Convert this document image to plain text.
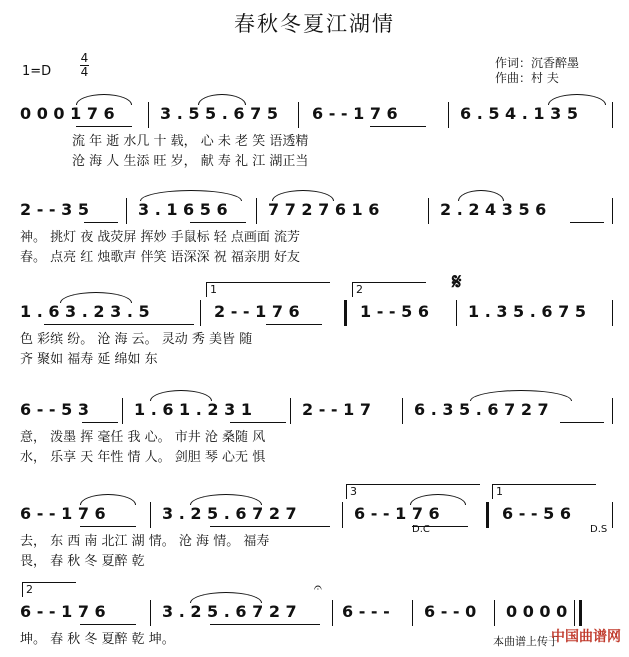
春秋冬夏江湖情
1=D
4
4
作词：沉香醉墨
作曲：村 夫
0 0 0 1 7 6	3 . 5 5 . 6 7 5 6 - - 1 7 6	6 . 5 4 . 1 3 5
流 年 逝 水几 十 载， 心 未 老 笑 语透精
沧 海 人 生添 旺 岁， 献 寿 礼 江 湖正当
2 - - 3 5	3 . 1 6 5 6	7 7 2 7 6 1 6	2 . 2 4 3 5 6
神。 挑灯 夜 战荧屏 挥妙 手鼠标 轻 点画面 流芳
春。 点亮 红 烛歌声 伴笑 语深深 祝 福亲朋 好友
1	2	𝄋
1 . 6 3 . 2 3 . 5	2 - - 1 7 6	1 - - 5 6 1 . 3 5 . 6 7 5
色 彩缤 纷。 沧 海 云。 灵动 秀 美皆 随
齐 聚如 福寿 延 绵如 东
6 - - 5 3	1 . 6 1 . 2 3 1	2 - - 1 7	6 . 3 5 . 6 7 2 7
意， 泼墨 挥 毫任 我 心。 市井 沧 桑随 风
水， 乐享 天 年性 情 人。 剑胆 琴 心无 惧
3	1
6 - - 1 7 6	3 . 2 5 . 6 7 2 7	6 - - 1 7 6	6 - - 5 6
D.C	D.S
去， 东 西 南 北江 湖 情。 沧 海 情。 福寿
畏， 春 秋 冬 夏醉 乾
2	𝄐
6 - - 1 7 6	3 . 2 5 . 6 7 2 7	6 - - - 6 - - 0 0 0 0 0
坤。 春 秋 冬 夏醉 乾 坤。	本曲谱上传于
中国曲谱网
